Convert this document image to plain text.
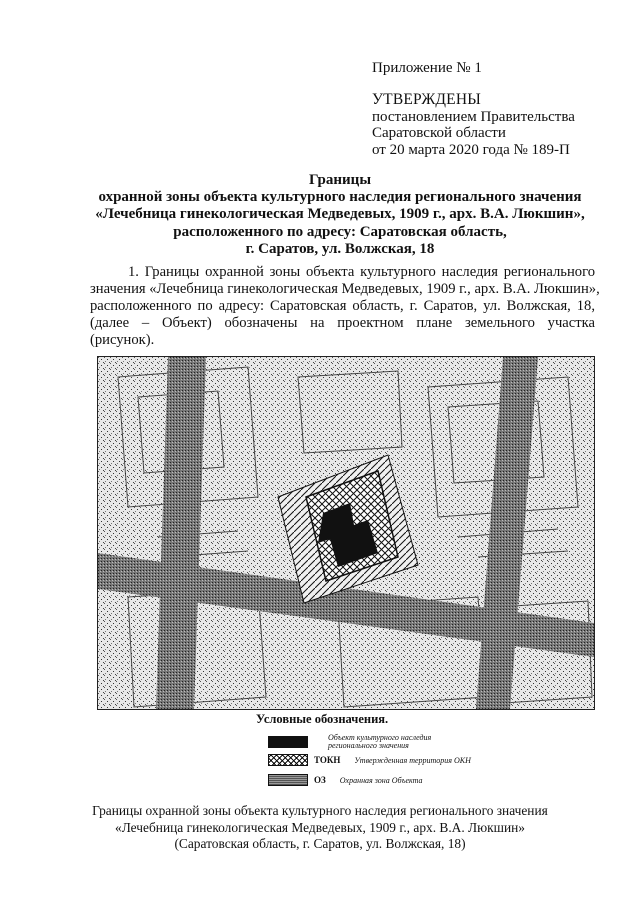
Приложение № 1
УТВЕРЖДЕНЫ
постановлением Правительства
Саратовской области
от 20 марта 2020 года № 189-П
Границы
охранной зоны объекта культурного наследия регионального значения
«Лечебница гинекологическая Медведевых, 1909 г., арх. В.А. Люкшин»,
расположенного по адресу: Саратовская область,
г. Саратов, ул. Волжская, 18
1. Границы охранной зоны объекта культурного наследия регионального
значения «Лечебница гинекологическая Медведевых, 1909 г., арх. В.А. Люкшин»,
расположенного по адресу: Саратовская область, г. Саратов, ул. Волжская, 18,
(далее – Объект) обозначены на проектном плане земельного участка
(рисунок).
Условные обозначения.
Объект культурного наследия регионального значения
ТОКН Утвержденная территория ОКН
ОЗ Охранная зона Объекта
Границы охранной зоны объекта культурного наследия регионального значения
«Лечебница гинекологическая Медведевых, 1909 г., арх. В.А. Люкшин»
(Саратовская область, г. Саратов, ул. Волжская, 18)
